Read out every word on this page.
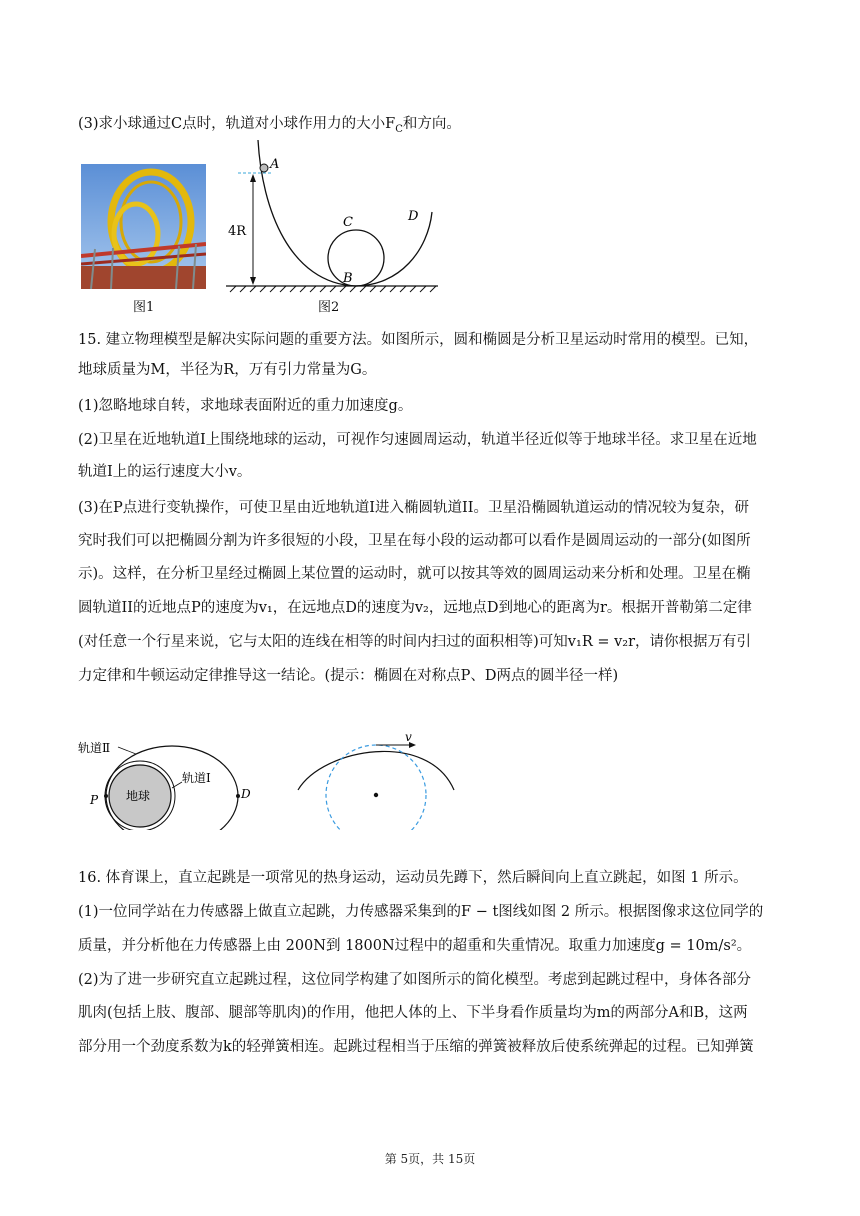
(3)求小球通过C点时，轨道对小球作用力的大小$F_C$和方向。
图1
A
C	D
B
4R
图2
15. 建立物理模型是解决实际问题的重要方法。如图所示，圆和椭圆是分析卫星运动时常用的模型。已知，
地球质量为M，半径为R，万有引力常量为G。
(1)忽略地球自转，求地球表面附近的重力加速度g。
(2)卫星在近地轨道I上围绕地球的运动，可视作匀速圆周运动，轨道半径近似等于地球半径。求卫星在近地
轨道I上的运行速度大小v。
(3)在P点进行变轨操作，可使卫星由近地轨道I进入椭圆轨道II。卫星沿椭圆轨道运动的情况较为复杂，研
究时我们可以把椭圆分割为许多很短的小段，卫星在每小段的运动都可以看作是圆周运动的一部分(如图所
示)。这样，在分析卫星经过椭圆上某位置的运动时，就可以按其等效的圆周运动来分析和处理。卫星在椭
圆轨道II的近地点P的速度为v₁，在远地点D的速度为v₂，远地点D到地心的距离为r。根据开普勒第二定律
(对任意一个行星来说，它与太阳的连线在相等的时间内扫过的面积相等)可知v₁R = v₂r，请你根据万有引
力定律和牛顿运动定律推导这一结论。(提示：椭圆在对称点P、D两点的圆半径一样)
轨道Ⅱ
轨道Ⅰ
地球
P	D
v
16. 体育课上，直立起跳是一项常见的热身运动，运动员先蹲下，然后瞬间向上直立跳起，如图 1 所示。
(1)一位同学站在力传感器上做直立起跳，力传感器采集到的F − t图线如图 2 所示。根据图像求这位同学的
质量，并分析他在力传感器上由 200N到 1800N过程中的超重和失重情况。取重力加速度g = 10m/s²。
(2)为了进一步研究直立起跳过程，这位同学构建了如图所示的简化模型。考虑到起跳过程中，身体各部分
肌肉(包括上肢、腹部、腿部等肌肉)的作用，他把人体的上、下半身看作质量均为m的两部分A和B，这两
部分用一个劲度系数为k的轻弹簧相连。起跳过程相当于压缩的弹簧被释放后使系统弹起的过程。已知弹簧
第 5页，共 15页
